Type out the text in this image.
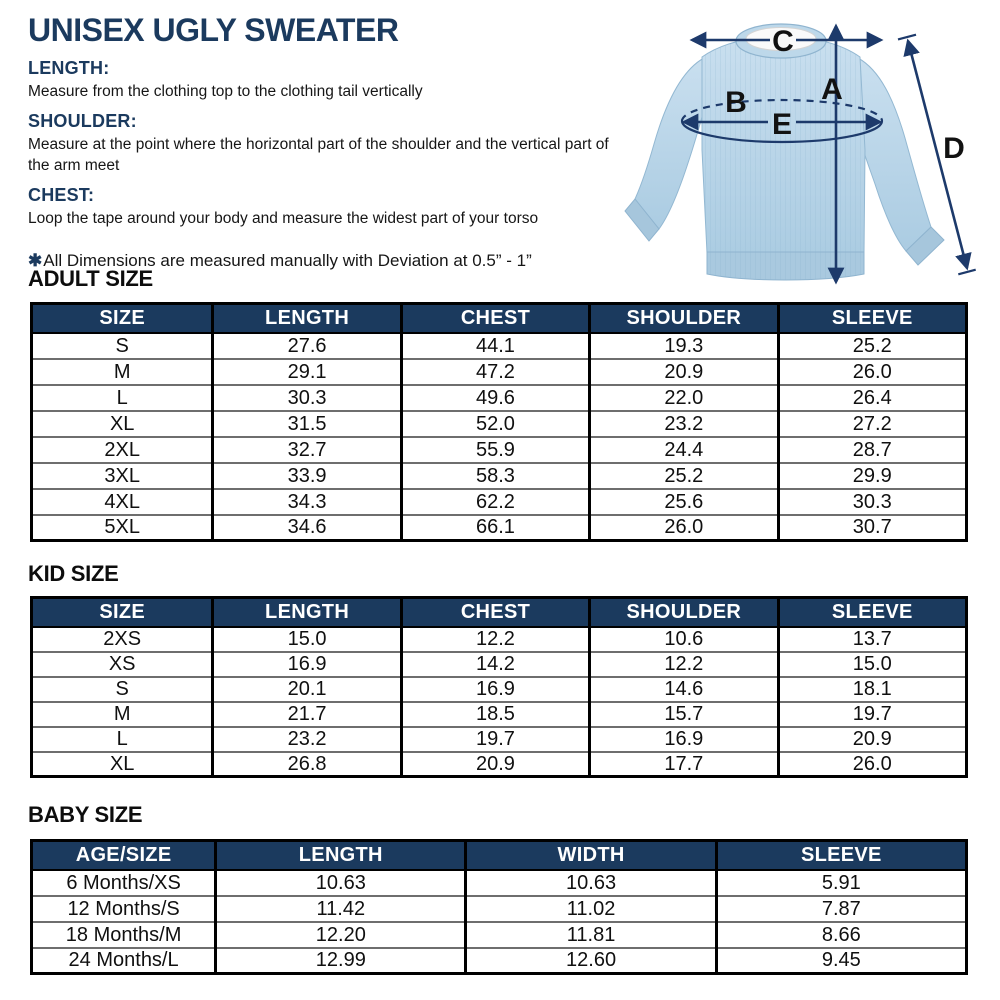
UNISEX UGLY SWEATER
LENGTH:

Measure from the clothing top to the clothing tail vertically

SHOULDER:

Measure at the point where the horizontal part of the shoulder and the vertical part of the arm meet

CHEST:

Loop the tape around your body and measure the widest part of your torso

✱All Dimensions are measured manually with Deviation at 0.5” - 1”
C
A
B
E
D
ADULT SIZE
SIZE	LENGTH	CHEST	SHOULDER	SLEEVE
S	27.6	44.1	19.3	25.2
M	29.1	47.2	20.9	26.0
L	30.3	49.6	22.0	26.4
XL	31.5	52.0	23.2	27.2
2XL	32.7	55.9	24.4	28.7
3XL	33.9	58.3	25.2	29.9
4XL	34.3	62.2	25.6	30.3
5XL	34.6	66.1	26.0	30.7
KID SIZE
SIZE	LENGTH	CHEST	SHOULDER	SLEEVE
2XS	15.0	12.2	10.6	13.7
XS	16.9	14.2	12.2	15.0
S	20.1	16.9	14.6	18.1
M	21.7	18.5	15.7	19.7
L	23.2	19.7	16.9	20.9
XL	26.8	20.9	17.7	26.0
BABY SIZE
AGE/SIZE	LENGTH	WIDTH	SLEEVE
6 Months/XS	10.63	10.63	5.91
12 Months/S	11.42	11.02	7.87
18 Months/M	12.20	11.81	8.66
24 Months/L	12.99	12.60	9.45
